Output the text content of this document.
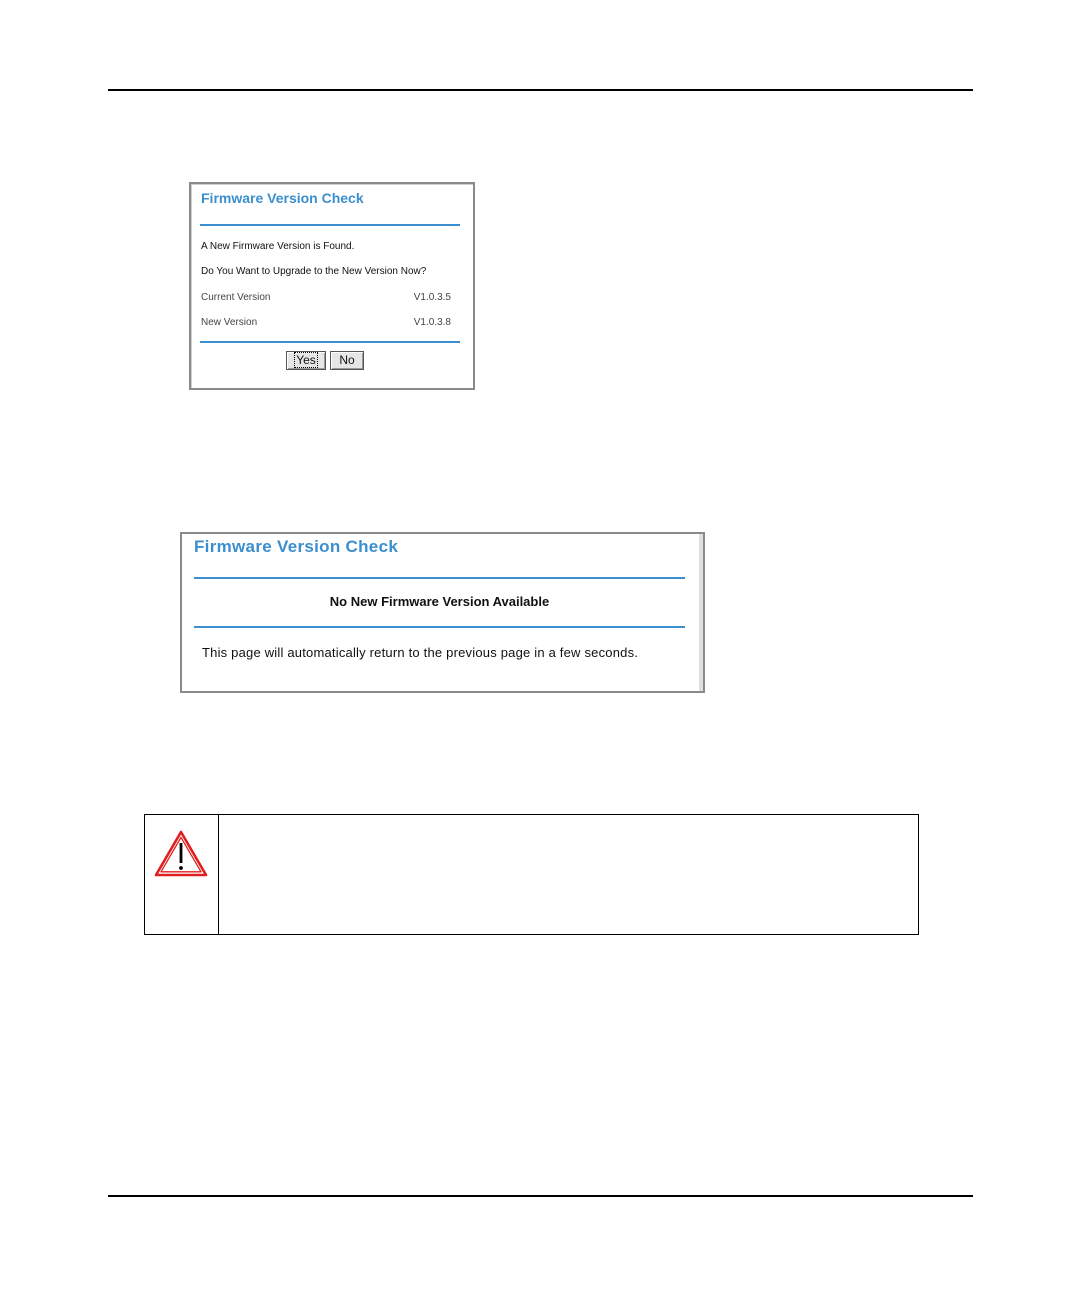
Firmware Version Check
A New Firmware Version is Found.
Do You Want to Upgrade to the New Version Now?
Current Version	V1.0.3.5
New Version	V1.0.3.8
Yes	No
Firmware Version Check
No New Firmware Version Available
This page will automatically return to the previous page in a few seconds.
